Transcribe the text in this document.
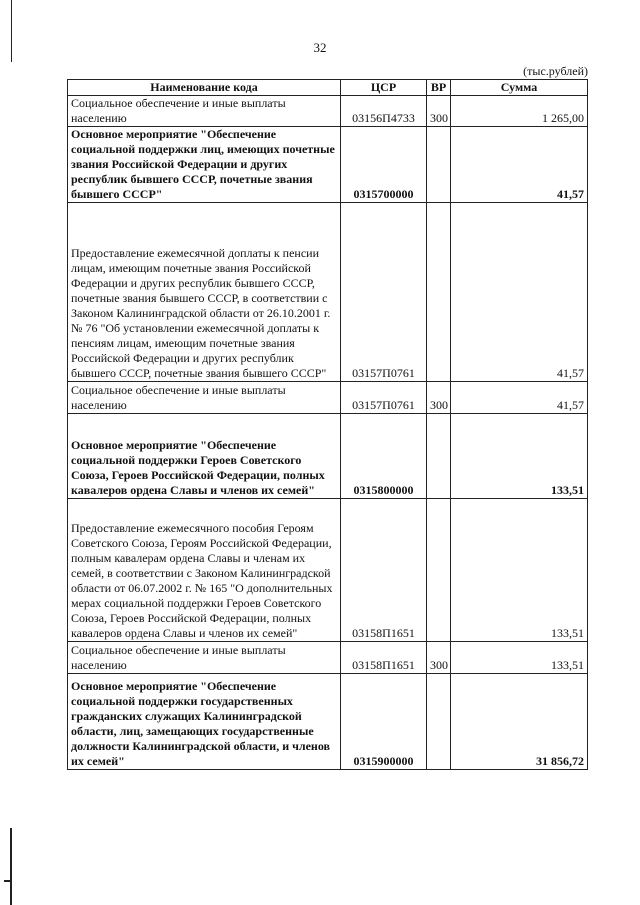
32
(тыс.рублей)
Наименование кода	ЦСР	ВР	Сумма
Социальное обеспечение и иные выплаты населению	03156П4733	300	1 265,00
Основное мероприятие "Обеспечение социальной поддержки лиц, имеющих почетные звания Российской Федерации и других республик бывшего СССР, почетные звания бывшего СССР"	0315700000		41,57
Предоставление ежемесячной доплаты к пенсии лицам, имеющим почетные звания Российской Федерации и других республик бывшего СССР, почетные звания бывшего СССР, в соответствии с Законом Калининградской области от 26.10.2001 г. № 76 "Об установлении ежемесячной доплаты к пенсиям лицам, имеющим почетные звания Российской Федерации и других республик бывшего СССР, почетные звания бывшего СССР"	03157П0761		41,57
Социальное обеспечение и иные выплаты населению	03157П0761	300	41,57
Основное мероприятие "Обеспечение социальной поддержки Героев Советского Союза, Героев Российской Федерации, полных кавалеров ордена Славы и членов их семей"	0315800000		133,51
Предоставление ежемесячного пособия Героям Советского Союза, Героям Российской Федерации, полным кавалерам ордена Славы и членам их семей, в соответствии с Законом Калининградской области от 06.07.2002 г. № 165 "О дополнительных мерах социальной поддержки Героев Советского Союза, Героев Российской Федерации, полных кавалеров ордена Славы и членов их семей"	03158П1651		133,51
Социальное обеспечение и иные выплаты населению	03158П1651	300	133,51
Основное мероприятие "Обеспечение социальной поддержки государственных гражданских служащих Калининградской области, лиц, замещающих государственные должности Калининградской области, и членов их семей"	0315900000		31 856,72
